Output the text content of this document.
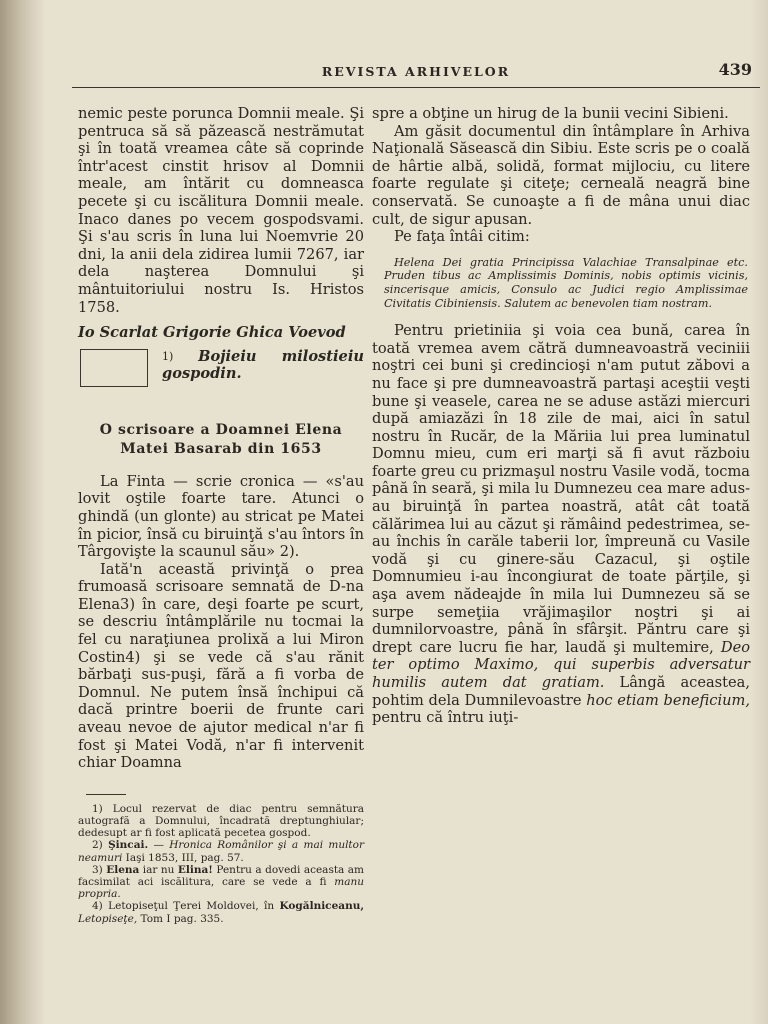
REVISTA ARHIVELOR	439

nemic peste porunca Domnii meale. Şi pentruca să să păzească nestrămutat şi în toată vreamea câte să coprinde într'acest cinstit hrisov al Domnii meale, am întărit cu domneasca pecete şi cu iscălitura Domnii meale. Inaco danes po vecem gospodsvami. Şi s'au scris în luna lui Noemvrie 20 dni, la anii dela zidirea lumii 7267, iar dela naşterea Domnului şi mântuitoriului nostru Is. Hristos 1758.

Io Scarlat Grigorie Ghica Voevod

$^{1)}$ Bojieiu milostieiu gospodin.

O scrisoare a Doamnei Elena
Matei Basarab din 1653

La Finta — scrie cronica — «s'au lovit oştile foarte tare. Atunci o ghindă (un glonte) au stricat pe Matei în picior, însă cu biruinţă s'au întors în Târgovişte la scaunul său» 2).

Iată'n această privinţă o prea frumoasă scrisoare semnată de D-na Elena3) în care, deşi foarte pe scurt, se descriu întâmplările nu tocmai la fel cu naraţiunea prolixă a lui Miron Costin4) şi se vede că s'au rănit bărbaţi sus-puşi, fără a fi vorba de Domnul. Ne putem însă închipui că dacă printre boerii de frunte cari aveau nevoe de ajutor medical n'ar fi fost şi Matei Vodă, n'ar fi intervenit chiar Doamna

1) Locul rezervat de diac pentru semnătura autografă a Domnului, încadrată dreptunghiular; dedesupt ar fi fost aplicată pecetea gospod.

2) Şincai. — Hronica Românilor şi a mai multor neamuri Iaşi 1853, III, pag. 57.

3) Elena iar nu Elina! Pentru a dovedi aceasta am facsimilat aci iscălitura, care se vede a fi manu propria.

4) Letopiseţul Ţerei Moldovei, în Kogălniceanu, Letopiseţe, Tom I pag. 335.

spre a obţine un hirug de la bunii vecini Sibieni.

Am găsit documentul din întâmplare în Arhiva Naţională Săsească din Sibiu. Este scris pe o coală de hârtie albă, solidă, format mijlociu, cu litere foarte regulate şi citeţe; cerneală neagră bine conservată. Se cunoaşte a fi de mâna unui diac cult, de sigur apusan.

Pe faţa întâi citim:

Helena Dei gratia Principissa Valachiae Transalpinae etc. Pruden tibus ac Amplissimis Dominis, nobis optimis vicinis, sincerisque amicis, Consulo ac Judici regio Amplissimae Civitatis Cibiniensis. Salutem ac benevolen tiam nostram.

Pentru prietiniia şi voia cea bună, carea în toată vremea avem cătră dumneavoastră veciniii noştri cei buni şi credincioşi n'am putut zăbovi a nu face şi pre dumneavoastră partaşi aceştii veşti bune şi veasele, carea ne se aduse astăzi miercuri după amiazăzi în 18 zile de mai, aici în satul nostru în Rucăr, de la Măriia lui prea luminatul Domnu mieu, cum eri marţi să fi avut războiu foarte greu cu prizmaşul nostru Vasile vodă, tocma până în seară, şi mila lu Dumnezeu cea mare adus-au biruinţă în partea noastră, atât cât toată călărimea lui au căzut şi rămâind pedestrimea, se-au închis în carăle taberii lor, împreună cu Vasile vodă şi cu ginere-său Cazacul, şi oştile Domnumieu i-au încongiurat de toate părţile, şi aşa avem nădeajde în mila lui Dumnezeu să se surpe semeţiia vrăjimaşilor noştri şi ai dumnilorvoastre, până în sfârşit. Păntru care şi drept care lucru fie har, laudă şi multemire, Deo ter optimo Maximo, qui superbis adversatur humilis autem dat gratiam. Lângă aceastea, pohtim dela Dumnilevoastre hoc etiam beneficium, pentru că întru iuţi-
